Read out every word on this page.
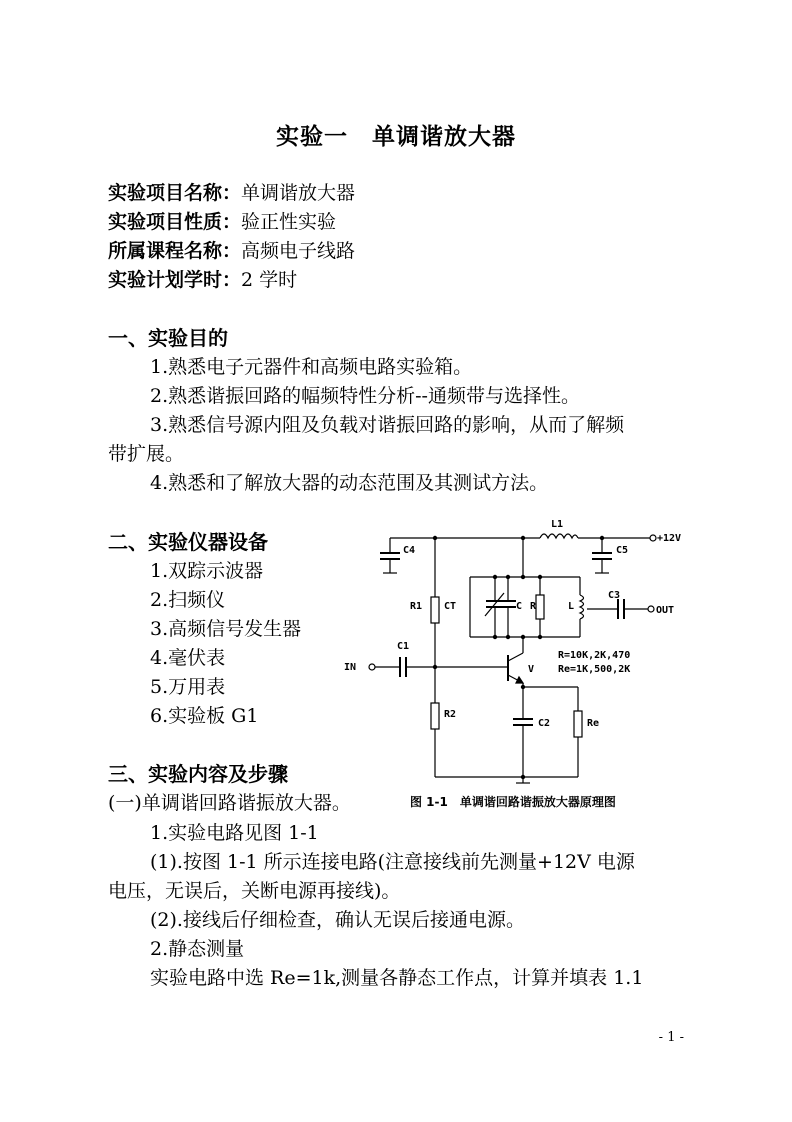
实验一　单调谐放大器
实验项目名称：单调谐放大器
实验项目性质：验正性实验
所属课程名称：高频电子线路
实验计划学时：2 学时
一、实验目的
1.熟悉电子元器件和高频电路实验箱。
2.熟悉谐振回路的幅频特性分析--通频带与选择性。
3.熟悉信号源内阻及负载对谐振回路的影响，从而了解频
带扩展。
4.熟悉和了解放大器的动态范围及其测试方法。
二、实验仪器设备
1.双踪示波器
2.扫频仪
3.高频信号发生器
4.毫伏表
5.万用表
6.实验板 G1
三、实验内容及步骤
(一)单调谐回路谐振放大器。	图 1-1　单调谐回路谐振放大器原理图
1.实验电路见图 1-1
(1).按图 1-1 所示连接电路(注意接线前先测量+12V 电源
电压，无误后，关断电源再接线)。
(2).接线后仔细检查，确认无误后接通电源。
2.静态测量
实验电路中选 Re=1k,测量各静态工作点，计算并填表 1.1
- 1 -
L1
+12V
C4	C5
C3
OUT
R1 CT	C R	L
C1
IN	V
R=10K,2K,470
Re=1K,500,2K
R2
C2	Re
